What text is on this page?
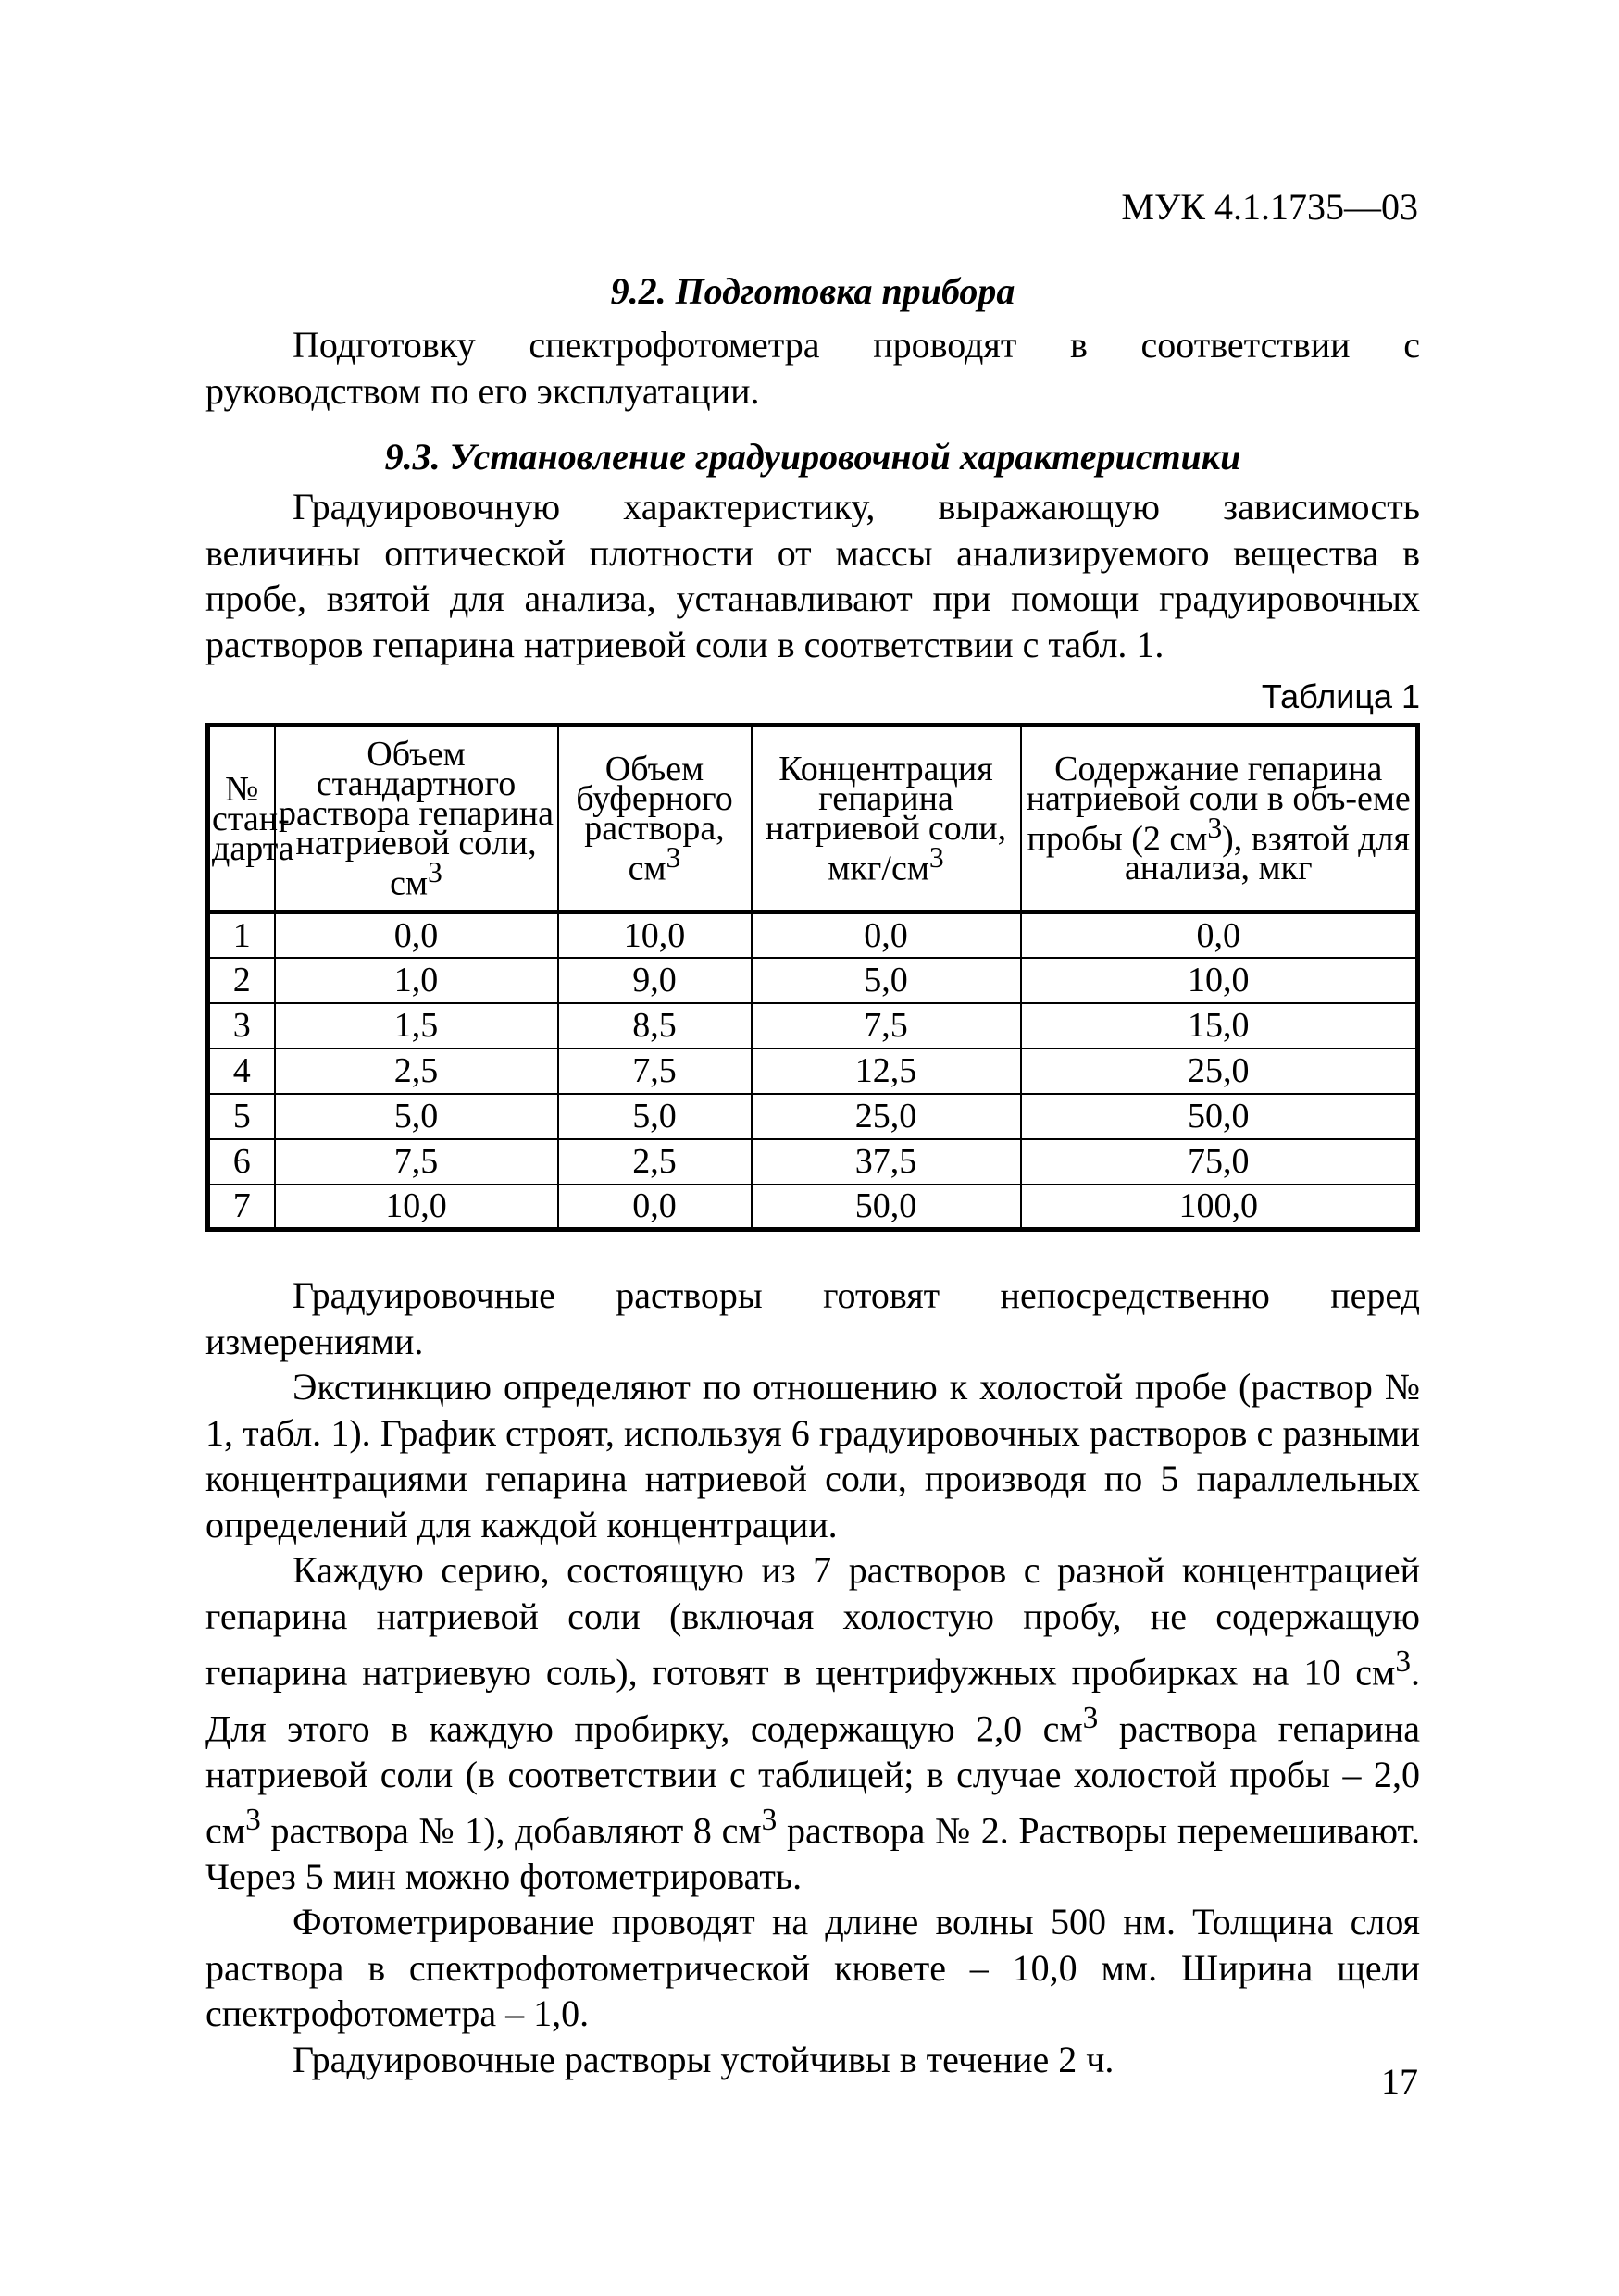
МУК 4.1.1735—03

9.2. Подготовка прибора

Подготовку спектрофотометра проводят в соответствии с руководством по его эксплуатации.

9.3. Установление градуировочной характеристики

Градуировочную характеристику, выражающую зависимость величины оптической плотности от массы анализируемого вещества в пробе, взятой для анализа, устанавливают при помощи градуировочных растворов гепарина натриевой соли в соответствии с табл. 1.

Таблица 1
№ стан-дарта	Объем стандартного раствора гепарина натриевой соли, $см^3$	Объем буферного раствора, $см^3$	Концентрация гепарина натриевой соли, мкг/$см^3$	Содержание гепарина натриевой соли в объ-еме пробы (2 $см^3$), взятой для анализа, мкг
1	0,0	10,0	0,0	0,0
2	1,0	9,0	5,0	10,0
3	1,5	8,5	7,5	15,0
4	2,5	7,5	12,5	25,0
5	5,0	5,0	25,0	50,0
6	7,5	2,5	37,5	75,0
7	10,0	0,0	50,0	100,0

Градуировочные растворы готовят непосредственно перед измерениями.

Экстинкцию определяют по отношению к холостой пробе (раствор № 1, табл. 1). График строят, используя 6 градуировочных растворов с разными концентрациями гепарина натриевой соли, производя по 5 параллельных определений для каждой концентрации.

Каждую серию, состоящую из 7 растворов с разной концентрацией гепарина натриевой соли (включая холостую пробу, не содержащую гепарина натриевую соль), готовят в центрифужных пробирках на 10 $см^3$. Для этого в каждую пробирку, содержащую 2,0 $см^3$ раствора гепарина натриевой соли (в соответствии с таблицей; в случае холостой пробы – 2,0 $см^3$ раствора № 1), добавляют 8 $см^3$ раствора № 2. Растворы перемешивают. Через 5 мин можно фотометрировать.

Фотометрирование проводят на длине волны 500 нм. Толщина слоя раствора в спектрофотометрической кювете – 10,0 мм. Ширина щели спектрофотометра – 1,0.

Градуировочные растворы устойчивы в течение 2 ч.

17
